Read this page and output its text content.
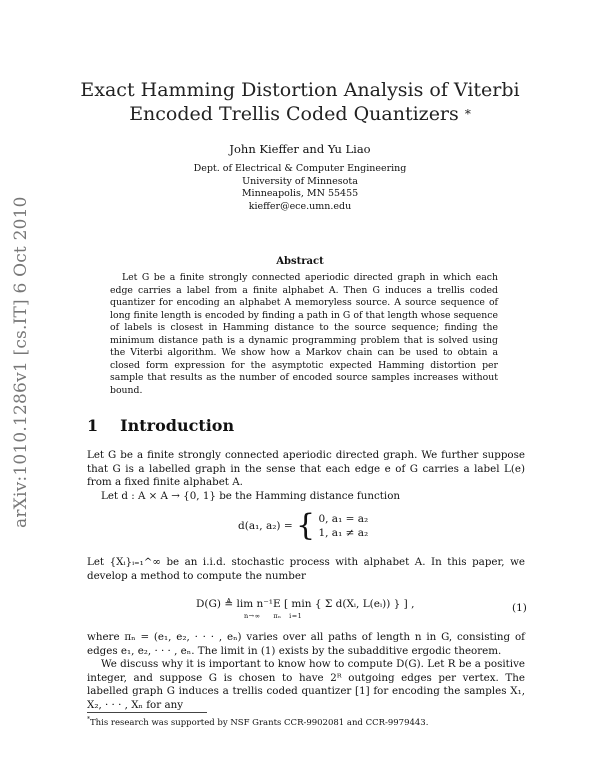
arXiv:1010.1286v1 [cs.IT] 6 Oct 2010
Exact Hamming Distortion Analysis of Viterbi
Encoded Trellis Coded Quantizers *
John Kieffer and Yu Liao
Dept. of Electrical & Computer Engineering
University of Minnesota
Minneapolis, MN 55455
kieffer@ece.umn.edu
Abstract

Let G be a finite strongly connected aperiodic directed graph in which each edge carries a label from a finite alphabet A. Then G induces a trellis coded quantizer for encoding an alphabet A memoryless source. A source sequence of long finite length is encoded by finding a path in G of that length whose sequence of labels is closest in Hamming distance to the source sequence; finding the minimum distance path is a dynamic programming problem that is solved using the Viterbi algorithm. We show how a Markov chain can be used to obtain a closed form expression for the asymptotic expected Hamming distortion per sample that results as the number of encoded source samples increases without bound.

1 Introduction

Let G be a finite strongly connected aperiodic directed graph. We further suppose that G is a labelled graph in the sense that each edge e of G carries a label L(e) from a fixed finite alphabet A.

Let d : A × A → {0, 1} be the Hamming distance function

d(a₁, a₂) = { 0, a₁ = a₂
1, a₁ ≠ a₂

Let {Xᵢ}ᵢ₌₁^∞ be an i.i.d. stochastic process with alphabet A. In this paper, we develop a method to compute the number

D(G) ≜ lim n⁻¹E [ min { Σ d(Xᵢ, L(eᵢ)) } ] ,
n→∞     πₙ   i=1
(1)

where πₙ = (e₁, e₂, · · · , eₙ) varies over all paths of length n in G, consisting of edges e₁, e₂, · · · , eₙ. The limit in (1) exists by the subadditive ergodic theorem.

We discuss why it is important to know how to compute D(G). Let R be a positive integer, and suppose G is chosen to have 2ᴿ outgoing edges per vertex. The labelled graph G induces a trellis coded quantizer [1] for encoding the samples X₁, X₂, · · · , Xₙ for any

*This research was supported by NSF Grants CCR-9902081 and CCR-9979443.
